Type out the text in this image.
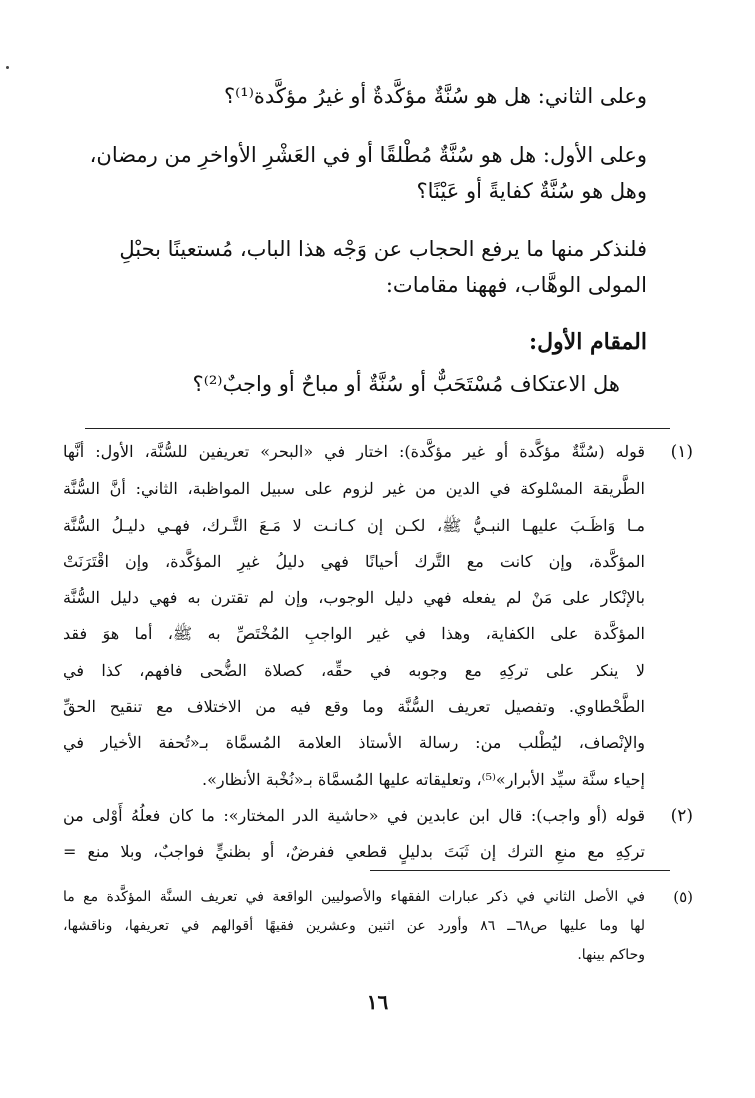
وعلى الثاني: هل هو سُنَّةٌ مؤكَّدةٌ أو غيرُ مؤكَّدة⁽¹⁾؟
وعلى الأول: هل هو سُنَّةٌ مُطْلقًا أو في العَشْرِ الأواخرِ من رمضان،
وهل هو سُنَّةٌ كفايةً أو عَيْنًا؟
فلنذكر منها ما يرفع الحجاب عن وَجْه هذا الباب، مُستعينًا بحبْلِ
المولى الوهَّاب، فههنا مقامات:
المقام الأول:
هل الاعتكاف مُسْتَحَبٌّ أو سُنَّةٌ أو مباحٌ أو واجبٌ⁽²⁾؟
(١)
قوله (سُنَّةٌ مؤكَّدة أو غير مؤكَّدة): اختار في «البحر» تعريفين للسُّنَّة، الأول: أنَّها
الطَّريقة المسْلوكة في الدين من غير لزوم على سبيل المواظبة، الثاني: أنَّ السُّنَّة
مـا وَاظَـبَ عليهـا النبـيُّ ﷺ، لكـن إن كـانـت لا مَـعَ التَّـرك، فهـي دليـلُ السُّنَّة
المؤكَّدة، وإن كانت مع التَّرك أحيانًا فهي دليلُ غيرِ المؤكَّدة، وإن اقْتَرَنَتْ
بالإنْكار على مَنْ لم يفعله فهي دليل الوجوب، وإن لم تقترن به فهي دليل السُّنَّة
المؤكَّدة على الكفاية، وهذا في غير الواجبِ المُخْتَصِّ به ﷺ، أما هوَ فقد
لا ينكر على تركِهِ مع وجوبه في حقِّه، كصلاة الضُّحى فافهم، كذا في
الطَّحْطاوي. وتفصيل تعريف السُّنَّة وما وقع فيه من الاختلاف مع تنقيح الحقِّ
والإنْصاف، ليُطْلب من: رسالة الأستاذ العلامة المُسمَّاة بـ«تُحفة الأخيار في
إحياء سنَّة سيِّد الأبرار»⁽⁵⁾، وتعليقاته عليها المُسمَّاة بـ«نُخْبة الأنظار».
(٢)
قوله (أو واجب): قال ابن عابدين في «حاشية الدر المختار»: ما كان فعلُهُ أَوْلى من
تركِهِ مع منعِ الترك إن ثَبَتَ بدليلٍ قطعي ففرضٌ، أو بظنيٍّ فواجبٌ، وبلا منع =
(٥)
في الأصل الثاني في ذكر عبارات الفقهاء والأصوليين الواقعة في تعريف السنَّة المؤكَّدة مع ما
لها وما عليها ص٦٨ــ ٨٦ وأورد عن اثنين وعشرين فقيهًا أقوالهم في تعريفها، وناقشها،
وحاكم بينها.
١٦
